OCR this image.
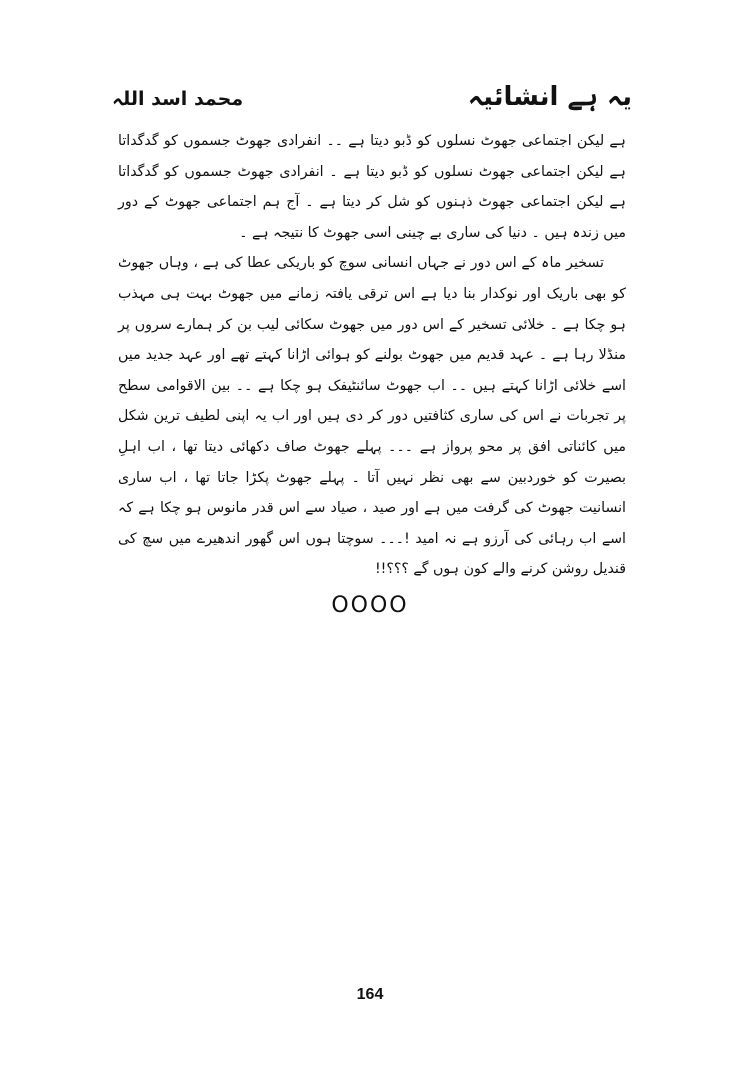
یہ ہے انشائیہ
محمد اسد اللہ

ہے لیکن اجتماعی جھوٹ نسلوں کو ڈبو دیتا ہے ۔۔ انفرادی جھوٹ جسموں کو گدگداتا ہے لیکن اجتماعی جھوٹ نسلوں کو ڈبو دیتا ہے ۔ انفرادی جھوٹ جسموں کو گدگداتا ہے لیکن اجتماعی جھوٹ ذہنوں کو شل کر دیتا ہے ۔ آج ہم اجتماعی جھوٹ کے دور میں زندہ ہیں ۔ دنیا کی ساری بے چینی اسی جھوٹ کا نتیجہ ہے ۔

تسخیر ماہ کے اس دور نے جہاں انسانی سوچ کو باریکی عطا کی ہے ، وہاں جھوٹ کو بھی باریک اور نوکدار بنا دیا ہے اس ترقی یافتہ زمانے میں جھوٹ بہت ہی مہذب ہو چکا ہے ۔ خلائی تسخیر کے اس دور میں جھوٹ سکائی لیب بن کر ہمارے سروں پر منڈلا رہا ہے ۔ عہد قدیم میں جھوٹ بولنے کو ہوائی اڑانا کہتے تھے اور عہد جدید میں اسے خلائی اڑانا کہتے ہیں ۔۔ اب جھوٹ سائنٹیفک ہو چکا ہے ۔۔ بین الاقوامی سطح پر تجربات نے اس کی ساری کثافتیں دور کر دی ہیں اور اب یہ اپنی لطیف ترین شکل میں کائناتی افق پر محو پرواز ہے ۔۔۔ پہلے جھوٹ صاف دکھائی دیتا تھا ، اب اہلِ بصیرت کو خوردبین سے بھی نظر نہیں آتا ۔ پہلے جھوٹ پکڑا جاتا تھا ، اب ساری انسانیت جھوٹ کی گرفت میں ہے اور صید ، صیاد سے اس قدر مانوس ہو چکا ہے کہ اسے اب رہائی کی آرزو ہے نہ امید !۔۔۔ سوچتا ہوں اس گھور اندھیرے میں سچ کی قندیل روشن کرنے والے کون ہوں گے ؟؟؟!!

OOOO
164
